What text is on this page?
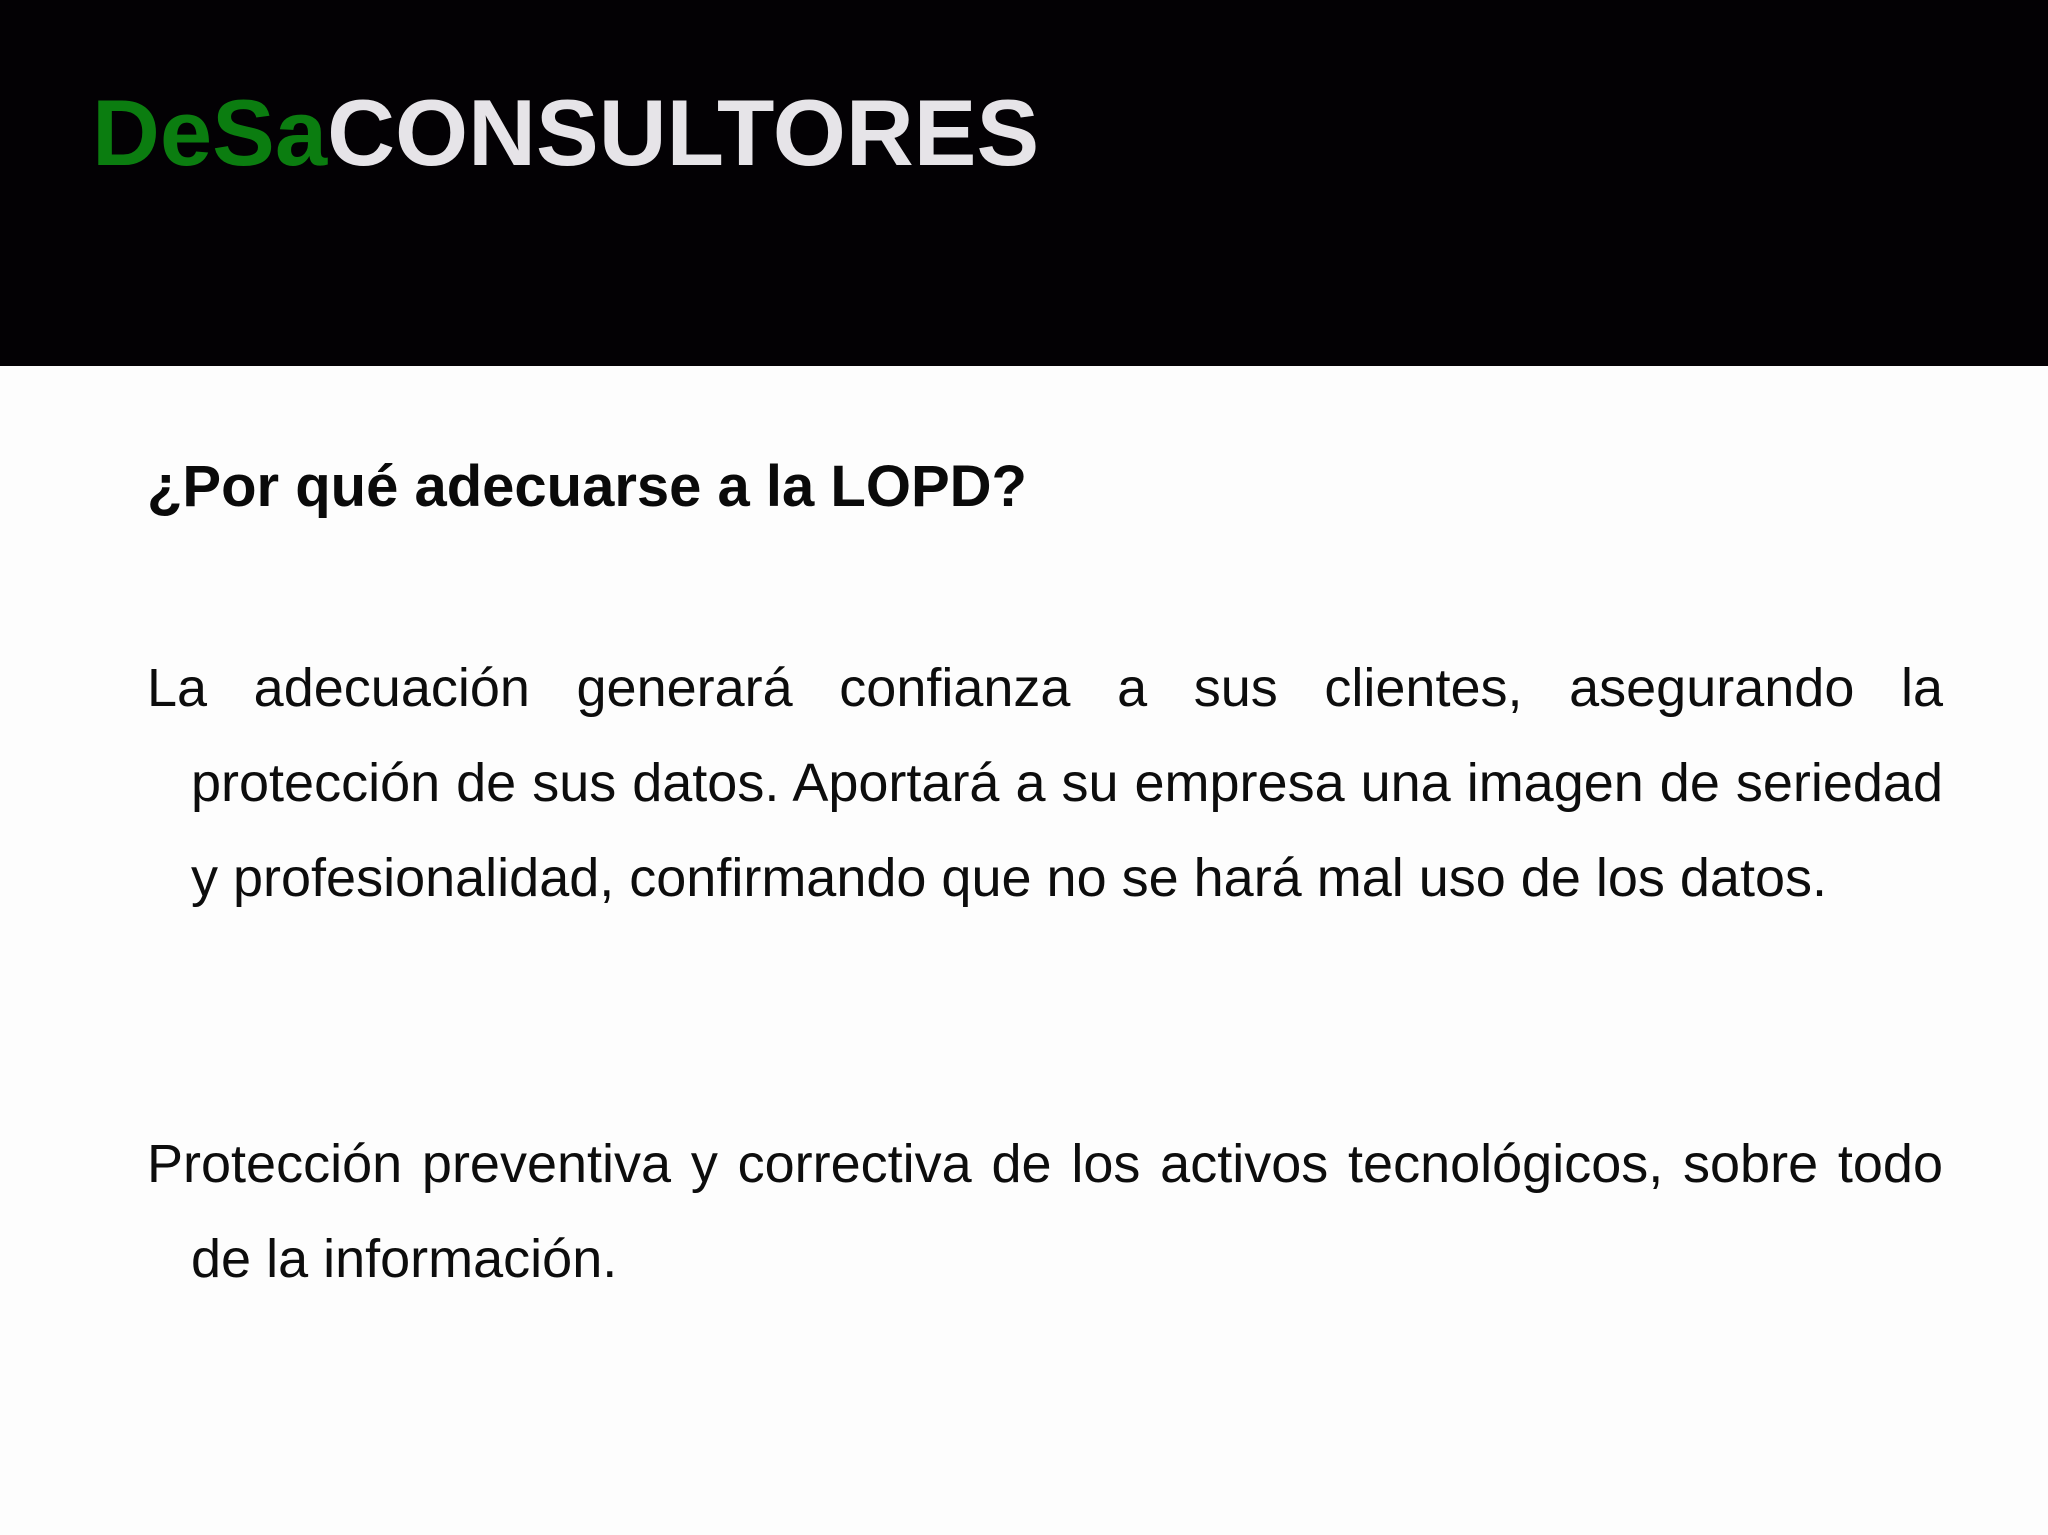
DeSaCONSULTORES
¿Por qué adecuarse a la LOPD?

La adecuación generará confianza a sus clientes, asegurando la protección de sus datos. Aportará a su empresa una imagen de seriedad y profesionalidad, confirmando que no se hará mal uso de los datos.

Protección preventiva y correctiva de los activos tecnológicos, sobre todo de la información.
